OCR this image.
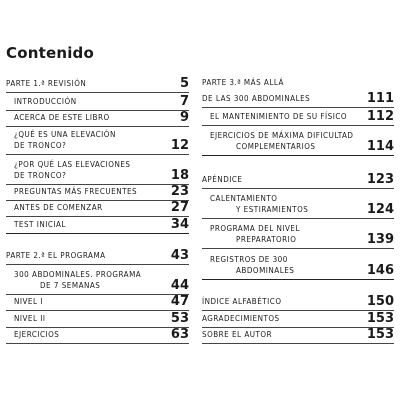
Contenido
PARTE 1.ª REVISIÓN	5
INTRODUCCIÓN	7
ACERCA DE ESTE LIBRO	9
¿QUÉ ES UNA ELEVACIÓN
DE TRONCO?	12
¿POR QUÉ LAS ELEVACIONES
DE TRONCO?	18
PREGUNTAS MÁS FRECUENTES	23
ANTES DE COMENZAR	27
TEST INICIAL	34
PARTE 2.ª EL PROGRAMA	43
300 ABDOMINALES. PROGRAMA
DE 7 SEMANAS	44
NIVEL I	47
NIVEL II	53
EJERCICIOS	63
PARTE 3.ª MÁS ALLÁ
DE LAS 300 ABDOMINALES	111
EL MANTENIMIENTO DE SU FÍSICO 112
EJERCICIOS DE MÁXIMA DIFICULTAD
COMPLEMENTARIOS	114
APÉNDICE	123
CALENTAMIENTO
Y ESTIRAMIENTOS	124
PROGRAMA DEL NIVEL
PREPARATORIO	139
REGISTROS DE 300
ABDOMINALES	146
ÍNDICE ALFABÉTICO	150
AGRADECIMIENTOS	153
SOBRE EL AUTOR	153
